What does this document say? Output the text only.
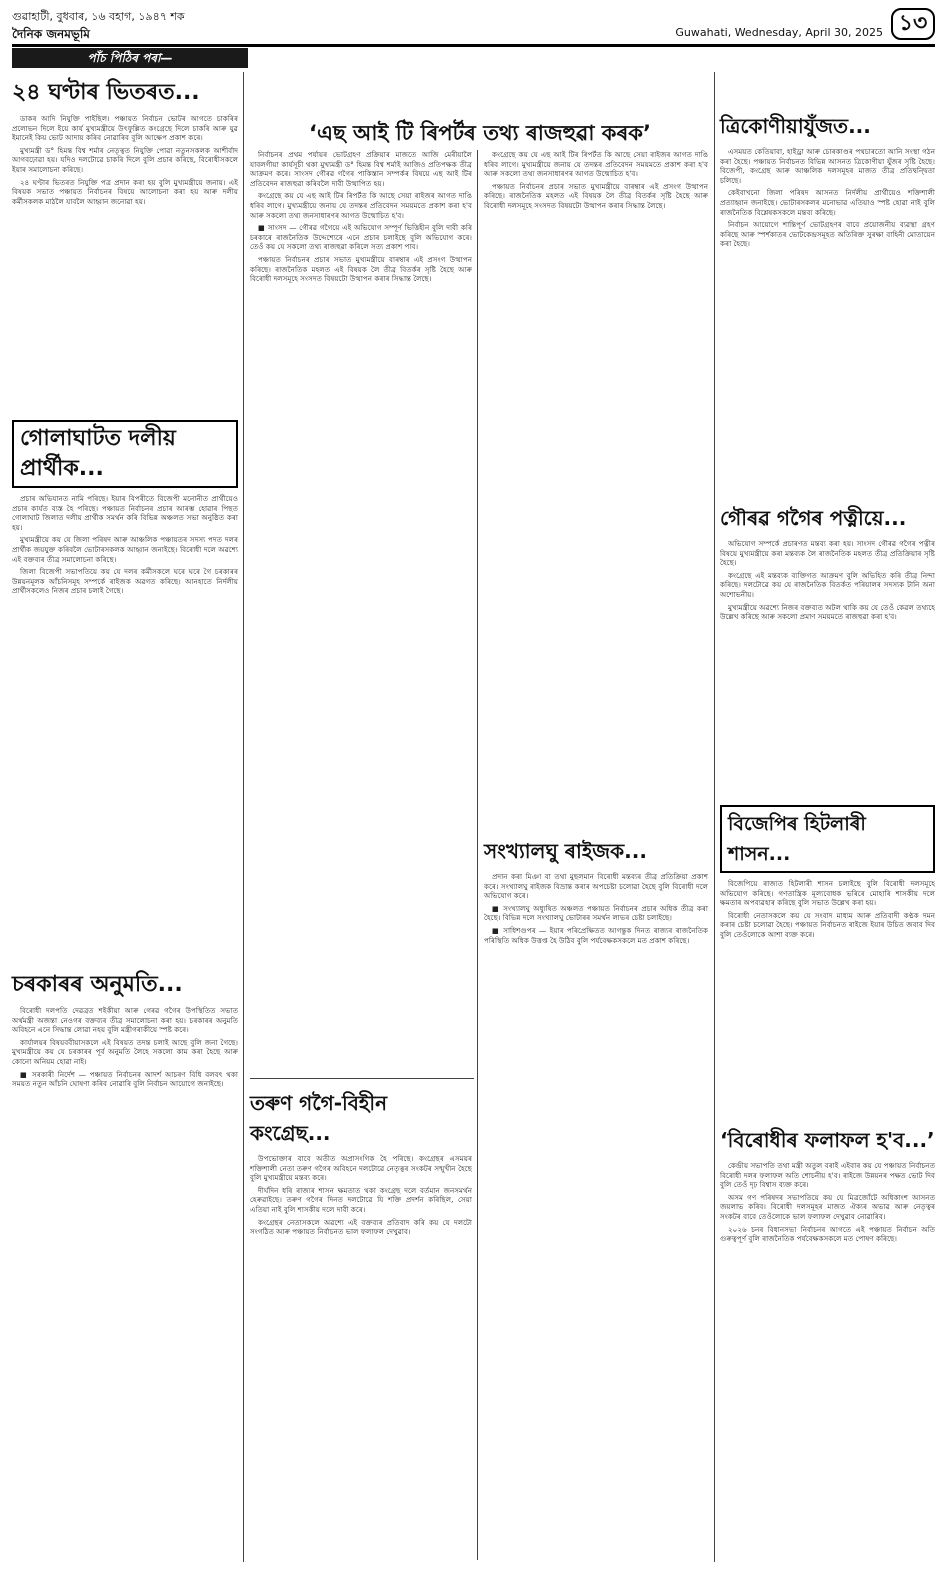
গুৱাহাটী, বুধবাৰ, ১৬ বহাগ, ১৯৪৭ শক
দৈনিক জনমভূমি	Guwahati, Wednesday, April 30, 2025 ১৩
পাঁচ পিঠিৰ পৰা—
২৪ ঘণ্টাৰ ভিতৰত...

ডাকৰ আদি নিযুক্তি পাইছিল। পঞ্চায়ত নিৰ্বাচন ভোটৰ আগতে চাকৰিৰ প্ৰলোভন দিলে ইয়ে কাৰ্য মুখ্যমন্ত্ৰীয়ে উৎফুল্লিত কংগ্ৰেছে দিলে চাকৰি আৰু যুৱ ইমানেই কিয় ভোট আদায় কৰিব নোৱাৰিব বুলি আক্ষেপ প্ৰকাশ কৰে।

মুখ্যমন্ত্ৰী ড° হিমন্ত বিশ্ব শৰ্মাৰ নেতৃত্বত নিযুক্তি পোৱা নতুনসকলক আশীৰ্বাদ আগবঢ়োৱা হয়। যদিও দলটোৱে চাকৰি দিলে বুলি প্ৰচাৰ কৰিছে, বিৰোধীসকলে ইয়াৰ সমালোচনা কৰিছে।

২৪ ঘণ্টাৰ ভিতৰত নিযুক্তি পত্ৰ প্ৰদান কৰা হয় বুলি মুখ্যমন্ত্ৰীয়ে জনায়। এই বিষয়ক সভাত পঞ্চায়ত নিৰ্বাচনৰ বিষয়ে আলোচনা কৰা হয় আৰু দলীয় কৰ্মীসকলক মাঠলৈ যাবলৈ আহ্বান জনোৱা হয়।

গোলাঘাটত দলীয় প্ৰাৰ্থীক...

প্ৰচাৰ অভিযানত নামি পৰিছে। ইয়াৰ বিপৰীতে বিজেপী মনোনীত প্ৰাৰ্থীয়েও প্ৰচাৰ কাৰ্যত ব্যস্ত হৈ পৰিছে। পঞ্চায়ত নিৰ্বাচনৰ প্ৰচাৰ আৰম্ভ হোৱাৰ পিছত গোলাঘাট জিলাত দলীয় প্ৰাৰ্থীক সমৰ্থন কৰি বিভিন্ন অঞ্চলত সভা অনুষ্ঠিত কৰা হয়।

মুখ্যমন্ত্ৰীয়ে কয় যে জিলা পৰিষদ আৰু আঞ্চলিক পঞ্চায়তৰ সদস্য পদত দলৰ প্ৰাৰ্থীক জয়যুক্ত কৰিবলৈ ভোটাৰসকলক আহ্বান জনাইছে। বিৰোধী দলে অৱশ্যে এই বক্তব্যৰ তীব্ৰ সমালোচনা কৰিছে।

জিলা বিজেপী সভাপতিয়ে কয় যে দলৰ কৰ্মীসকলে ঘৰে ঘৰে গৈ চৰকাৰৰ উন্নয়নমূলক আঁচনিসমূহ সম্পৰ্কে ৰাইজক অৱগত কৰিছে। আনহাতে নিৰ্দলীয় প্ৰাৰ্থীসকলেও নিজৰ প্ৰচাৰ চলাই গৈছে।

চৰকাৰৰ অনুমতি...

বিৰোধী দলপতি দেৱব্ৰত শইকীয়া আৰু গেৰৱ গগৈৰ উপস্থিতিত সভাত অৰ্থমন্ত্ৰী অজন্তা নেওগৰ বক্তব্যৰ তীব্ৰ সমালোচনা কৰা হয়। চৰকাৰৰ অনুমতি অবিহনে এনে সিদ্ধান্ত লোৱা নহয় বুলি মন্ত্ৰীগৰাকীয়ে স্পষ্ট কৰে।

কাৰ্যালয়ৰ বিষয়ববীয়াসকলে এই বিষয়ত তদন্ত চলাই আছে বুলি জনা গৈছে। মুখ্যমন্ত্ৰীয়ে কয় যে চৰকাৰৰ পূৰ্ব অনুমতি লৈহে সকলো কাম কৰা হৈছে আৰু কোনো অনিয়ম হোৱা নাই।

■ সৰকাৰী নিৰ্দেশ — পঞ্চায়ত নিৰ্বাচনৰ আদৰ্শ আচৰণ বিধি বলবৎ থকা সময়ত নতুন আঁচনি ঘোষণা কৰিব নোৱাৰি বুলি নিৰ্বাচন আয়োগে জনাইছে।

‘এছ আই টি ৰিপৰ্টৰ তথ্য ৰাজহুৱা কৰক’

নিৰ্বাচনৰ প্ৰথম পৰ্যায়ৰ ভোটগ্ৰহণ প্ৰক্ৰিয়াৰ মাজতে আজি মেৰীয়ালৈ যাবলগীয়া কাৰ্যসূচী থকা মুখ্যমন্ত্ৰী ড° হিমন্ত বিশ্ব শৰ্মাই আজিও প্ৰতিপক্ষক তীব্ৰ আক্ৰমণ কৰে। সাংসদ গৌৰৱ গগৈৰ পাকিস্তান সম্পৰ্কৰ বিষয়ে এছ আই টিৰ প্ৰতিবেদন ৰাজহুৱা কৰিবলৈ দাবী উত্থাপিত হয়।

কংগ্ৰেছে কয় যে এছ আই টিৰ ৰিপৰ্টত কি আছে সেয়া ৰাইজৰ আগত দাঙি ধৰিব লাগে। মুখ্যমন্ত্ৰীয়ে জনায় যে তদন্তৰ প্ৰতিবেদন সময়মতে প্ৰকাশ কৰা হ'ব আৰু সকলো তথ্য জনসাধাৰণৰ আগত উন্মোচিত হ'ব।

■ সাংসদ — গৌৰৱ গগৈয়ে এই অভিযোগ সম্পূৰ্ণ ভিত্তিহীন বুলি দাবী কৰি চৰকাৰে ৰাজনৈতিক উদ্দেশ্যেৰে এনে প্ৰচাৰ চলাইছে বুলি অভিযোগ কৰে। তেওঁ কয় যে সকলো তথ্য ৰাজহুৱা কৰিলে সত্য প্ৰকাশ পাব।

পঞ্চায়ত নিৰ্বাচনৰ প্ৰচাৰ সভাত মুখ্যমন্ত্ৰীয়ে বাৰম্বাৰ এই প্ৰসংগ উত্থাপন কৰিছে। ৰাজনৈতিক মহলত এই বিষয়ক লৈ তীব্ৰ বিতৰ্কৰ সৃষ্টি হৈছে আৰু বিৰোধী দলসমূহে সংসদত বিষয়টো উত্থাপন কৰাৰ সিদ্ধান্ত লৈছে।

কংগ্ৰেছে কয় যে এছ আই টিৰ ৰিপৰ্টত কি আছে সেয়া ৰাইজৰ আগত দাঙি ধৰিব লাগে। মুখ্যমন্ত্ৰীয়ে জনায় যে তদন্তৰ প্ৰতিবেদন সময়মতে প্ৰকাশ কৰা হ'ব আৰু সকলো তথ্য জনসাধাৰণৰ আগত উন্মোচিত হ'ব।

পঞ্চায়ত নিৰ্বাচনৰ প্ৰচাৰ সভাত মুখ্যমন্ত্ৰীয়ে বাৰম্বাৰ এই প্ৰসংগ উত্থাপন কৰিছে। ৰাজনৈতিক মহলত এই বিষয়ক লৈ তীব্ৰ বিতৰ্কৰ সৃষ্টি হৈছে আৰু বিৰোধী দলসমূহে সংসদত বিষয়টো উত্থাপন কৰাৰ সিদ্ধান্ত লৈছে।

সংখ্যালঘু ৰাইজক...

প্ৰদান কৰা মিঞা বা তথা মুছলমান বিৰোধী মন্তব্যৰ তীব্ৰ প্ৰতিক্ৰিয়া প্ৰকাশ কৰে। সংখ্যালঘু ৰাইজক বিভ্ৰান্ত কৰাৰ অপচেষ্টা চলোৱা হৈছে বুলি বিৰোধী দলে অভিযোগ কৰে।

■ সংখ্যালঘু অধ্যুষিত অঞ্চলত পঞ্চায়ত নিৰ্বাচনৰ প্ৰচাৰ অধিক তীব্ৰ কৰা হৈছে। বিভিন্ন দলে সংখ্যালঘু ভোটাৰৰ সমৰ্থন লাভৰ চেষ্টা চলাইছে।

■ সাধিশগুপৰ — ইয়াৰ পৰিপ্ৰেক্ষিতত আগন্তুক দিনত ৰাজ্যৰ ৰাজনৈতিক পৰিস্থিতি অধিক উত্তপ্ত হৈ উঠিব বুলি পৰ্যবেক্ষকসকলে মত প্ৰকাশ কৰিছে।

তৰুণ গগৈ-বিহীন কংগ্ৰেছ...

উপভোক্তাৰ বাবে অতীত অপ্ৰাসংগিক হৈ পৰিছে। কংগ্ৰেছৰ এসময়ৰ শক্তিশালী নেতা তৰুণ গগৈৰ অবিহনে দলটোৱে নেতৃত্বৰ সংকটৰ সন্মুখীন হৈছে বুলি মুখ্যমন্ত্ৰীয়ে মন্তব্য কৰে।

দীৰ্ঘদিন ধৰি ৰাজ্যৰ শাসন ক্ষমতাত থকা কংগ্ৰেছ দলে বৰ্তমান জনসমৰ্থন হেৰুৱাইছে। তৰুণ গগৈৰ দিনত দলটোৱে যি শক্তি প্ৰদৰ্শন কৰিছিল, সেয়া এতিয়া নাই বুলি শাসকীয় দলে দাবী কৰে।

কংগ্ৰেছৰ নেতাসকলে অৱশ্যে এই বক্তব্যৰ প্ৰতিবাদ কৰি কয় যে দলটো সংগঠিত আৰু পঞ্চায়ত নিৰ্বাচনত ভাল ফলাফল দেখুৱাব।

ত্ৰিকোণীয়াযুঁজত...

এসময়ত কেতিয়াবা, হাইড্ৰা আৰু চোৰকাণ্ডৰ পথচাৰতো আনি সংস্থা গঠন কৰা হৈছে। পঞ্চায়ত নিৰ্বাচনত বিভিন্ন আসনত ত্ৰিকোণীয়া যুঁজৰ সৃষ্টি হৈছে। বিজেপী, কংগ্ৰেছ আৰু আঞ্চলিক দলসমূহৰ মাজত তীব্ৰ প্ৰতিদ্বন্দ্বিতা চলিছে।

কেইবাখনো জিলা পৰিষদ আসনত নিৰ্দলীয় প্ৰাৰ্থীয়েও শক্তিশালী প্ৰত্যাহ্বান জনাইছে। ভোটাৰসকলৰ মনোভাৱ এতিয়াও স্পষ্ট হোৱা নাই বুলি ৰাজনৈতিক বিশ্লেষকসকলে মন্তব্য কৰিছে।

নিৰ্বাচন আয়োগে শান্তিপূৰ্ণ ভোটগ্ৰহণৰ বাবে প্ৰয়োজনীয় ব্যৱস্থা গ্ৰহণ কৰিছে আৰু স্পৰ্শকাতৰ ভোটকেন্দ্ৰসমূহত অতিৰিক্ত সুৰক্ষা বাহিনী মোতায়েন কৰা হৈছে।

গৌৰৱ গগৈৰ পত্নীয়ে...

অভিযোগ সম্পৰ্কে প্ৰচাৰণত মন্তব্য কৰা হয়। সাংসদ গৌৰৱ গগৈৰ পত্নীৰ বিষয়ে মুখ্যমন্ত্ৰীয়ে কৰা মন্তব্যক লৈ ৰাজনৈতিক মহলত তীব্ৰ প্ৰতিক্ৰিয়াৰ সৃষ্টি হৈছে।

কংগ্ৰেছে এই মন্তব্যক ব্যক্তিগত আক্ৰমণ বুলি অভিহিত কৰি তীব্ৰ নিন্দা কৰিছে। দলটোৱে কয় যে ৰাজনৈতিক বিতৰ্কত পৰিয়ালৰ সদস্যক টানি অনা অশোভনীয়।

মুখ্যমন্ত্ৰীয়ে অৱশ্যে নিজৰ বক্তব্যত অটল থাকি কয় যে তেওঁ কেৱল তথ্যহে উল্লেখ কৰিছে আৰু সকলো প্ৰমাণ সময়মতে ৰাজহুৱা কৰা হ'ব।

বিজেপিৰ হিটলাৰী শাসন...

বিজেপিয়ে ৰাজ্যত হিটলাৰী শাসন চলাইছে বুলি বিৰোধী দলসমূহে অভিযোগ কৰিছে। গণতান্ত্ৰিক মূল্যবোধক ভৰিৰে মোহাৰি শাসকীয় দলে ক্ষমতাৰ অপব্যৱহাৰ কৰিছে বুলি সভাত উল্লেখ কৰা হয়।

বিৰোধী নেতাসকলে কয় যে সংবাদ মাধ্যম আৰু প্ৰতিবাদী কণ্ঠক দমন কৰাৰ চেষ্টা চলোৱা হৈছে। পঞ্চায়ত নিৰ্বাচনত ৰাইজে ইয়াৰ উচিত জবাব দিব বুলি তেওঁলোকে আশা ব্যক্ত কৰে।

‘বিৰোধীৰ ফলাফল হ'ব...’

কেন্দ্ৰীয় সভাপতি তথা মন্ত্ৰী অতুল বৰাই এইবাৰ কয় যে পঞ্চায়ত নিৰ্বাচনত বিৰোধী দলৰ ফলাফল অতি শোচনীয় হ'ব। ৰাইজে উন্নয়নৰ পক্ষত ভোট দিব বুলি তেওঁ দৃঢ় বিশ্বাস ব্যক্ত কৰে।

অসম গণ পৰিষদৰ সভাপতিয়ে কয় যে মিত্ৰজোঁটে অধিকাংশ আসনত জয়লাভ কৰিব। বিৰোধী দলসমূহৰ মাজত ঐক্যৰ অভাৱ আৰু নেতৃত্বৰ সংকটৰ বাবে তেওঁলোকে ভাল ফলাফল দেখুৱাব নোৱাৰিব।

২০২৬ চনৰ বিধানসভা নিৰ্বাচনৰ আগতে এই পঞ্চায়ত নিৰ্বাচন অতি গুৰুত্বপূৰ্ণ বুলি ৰাজনৈতিক পৰ্যবেক্ষকসকলে মত পোষণ কৰিছে।
